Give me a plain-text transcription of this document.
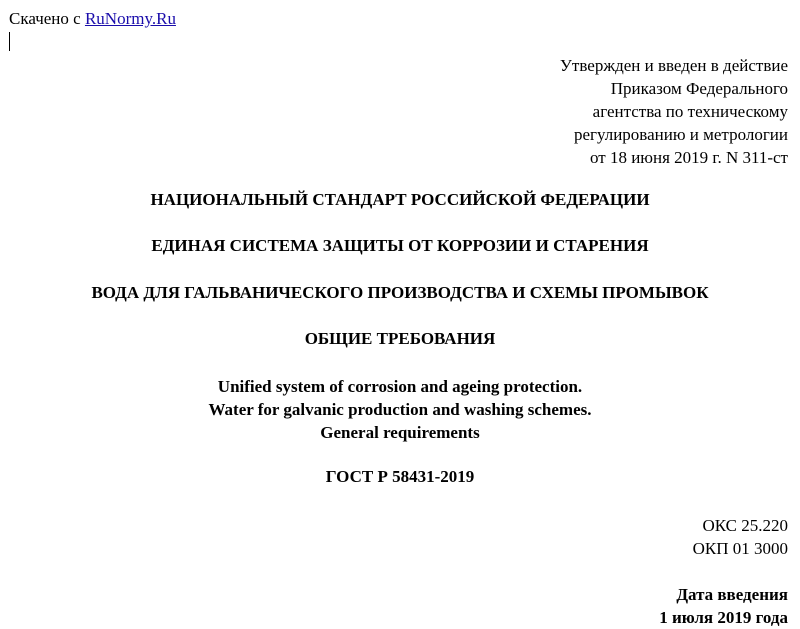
Скачено с RuNormy.Ru
Утвержден и введен в действие
Приказом Федерального
агентства по техническому
регулированию и метрологии
от 18 июня 2019 г. N 311-ст
НАЦИОНАЛЬНЫЙ СТАНДАРТ РОССИЙСКОЙ ФЕДЕРАЦИИ
ЕДИНАЯ СИСТЕМА ЗАЩИТЫ ОТ КОРРОЗИИ И СТАРЕНИЯ
ВОДА ДЛЯ ГАЛЬВАНИЧЕСКОГО ПРОИЗВОДСТВА И СХЕМЫ ПРОМЫВОК
ОБЩИЕ ТРЕБОВАНИЯ
Unified system of corrosion and ageing protection.
Water for galvanic production and washing schemes.
General requirements
ГОСТ Р 58431-2019
ОКС 25.220
ОКП 01 3000
Дата введения
1 июля 2019 года
